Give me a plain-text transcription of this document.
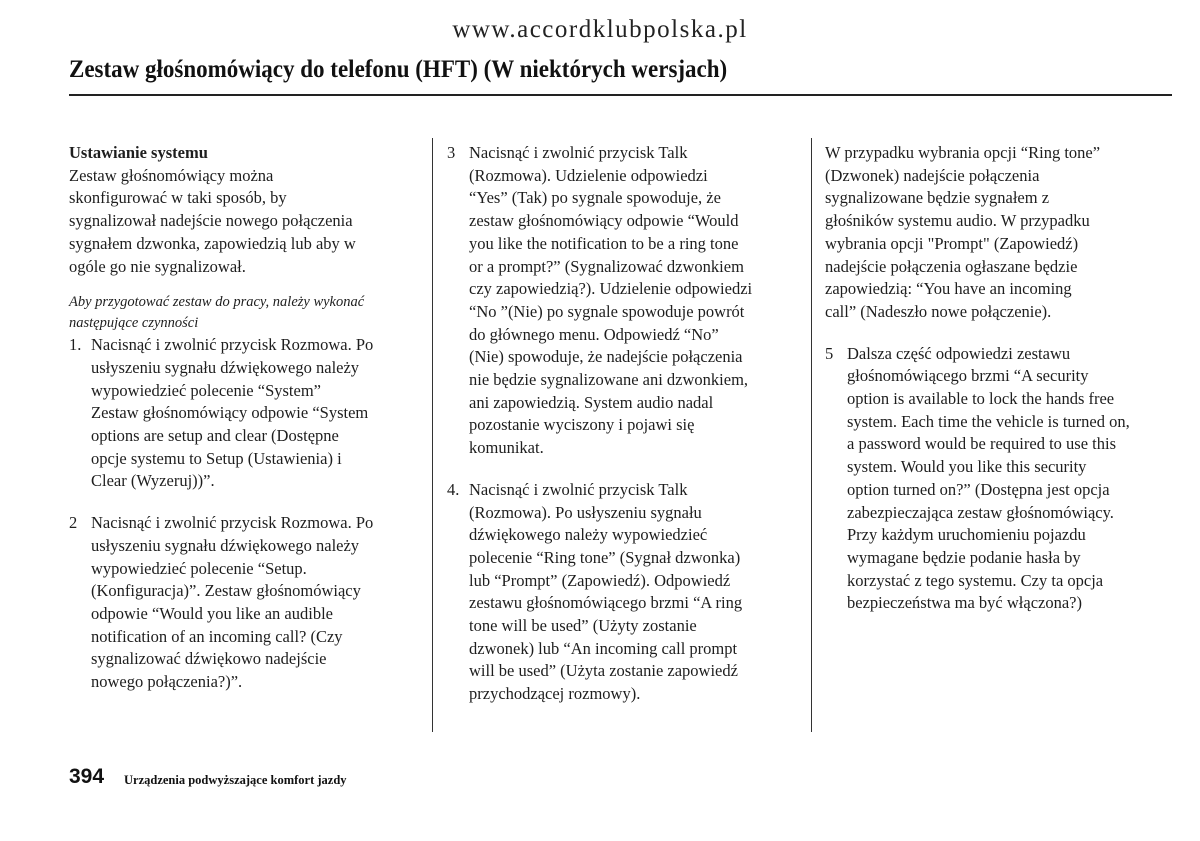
www.accordklubpolska.pl
Zestaw głośnomówiący do telefonu (HFT) (W niektórych wersjach)

Ustawianie systemu

Zestaw głośnomówiący można
skonfigurować w taki sposób, by
sygnalizował nadejście nowego połączenia
sygnałem dzwonka, zapowiedzią lub aby w
ogóle go nie sygnalizował.

Aby przygotować zestaw do pracy, należy wykonać
następujące czynności

1. Nacisnąć i zwolnić przycisk Rozmowa. Po
usłyszeniu sygnału dźwiękowego należy
wypowiedzieć polecenie “System”
Zestaw głośnomówiący odpowie “System
options are setup and clear (Dostępne
opcje systemu to Setup (Ustawienia) i
Clear (Wyzeruj))”.
2 Nacisnąć i zwolnić przycisk Rozmowa. Po
usłyszeniu sygnału dźwiękowego należy
wypowiedzieć polecenie “Setup.
(Konfiguracja)”. Zestaw głośnomówiący
odpowie “Would you like an audible
notification of an incoming call? (Czy
sygnalizować dźwiękowo nadejście
nowego połączenia?)”.
3 Nacisnąć i zwolnić przycisk Talk
(Rozmowa). Udzielenie odpowiedzi
“Yes” (Tak) po sygnale spowoduje, że
zestaw głośnomówiący odpowie “Would
you like the notification to be a ring tone
or a prompt?” (Sygnalizować dzwonkiem
czy zapowiedzią?). Udzielenie odpowiedzi
“No ”(Nie) po sygnale spowoduje powrót
do głównego menu. Odpowiedź “No”
(Nie) spowoduje, że nadejście połączenia
nie będzie sygnalizowane ani dzwonkiem,
ani zapowiedzią. System audio nadal
pozostanie wyciszony i pojawi się
komunikat.
4. Nacisnąć i zwolnić przycisk Talk
(Rozmowa). Po usłyszeniu sygnału
dźwiękowego należy wypowiedzieć
polecenie “Ring tone” (Sygnał dzwonka)
lub “Prompt” (Zapowiedź). Odpowiedź
zestawu głośnomówiącego brzmi “A ring
tone will be used” (Użyty zostanie
dzwonek) lub “An incoming call prompt
will be used” (Użyta zostanie zapowiedź
przychodzącej rozmowy).

W przypadku wybrania opcji “Ring tone”
(Dzwonek) nadejście połączenia
sygnalizowane będzie sygnałem z
głośników systemu audio. W przypadku
wybrania opcji "Prompt" (Zapowiedź)
nadejście połączenia ogłaszane będzie
zapowiedzią: “You have an incoming
call” (Nadeszło nowe połączenie).

5 Dalsza część odpowiedzi zestawu
głośnomówiącego brzmi “A security
option is available to lock the hands free
system. Each time the vehicle is turned on,
a password would be required to use this
system. Would you like this security
option turned on?” (Dostępna jest opcja
zabezpieczająca zestaw głośnomówiący.
Przy każdym uruchomieniu pojazdu
wymagane będzie podanie hasła by
korzystać z tego systemu. Czy ta opcja
bezpieczeństwa ma być włączona?)
394 Urządzenia podwyższające komfort jazdy
